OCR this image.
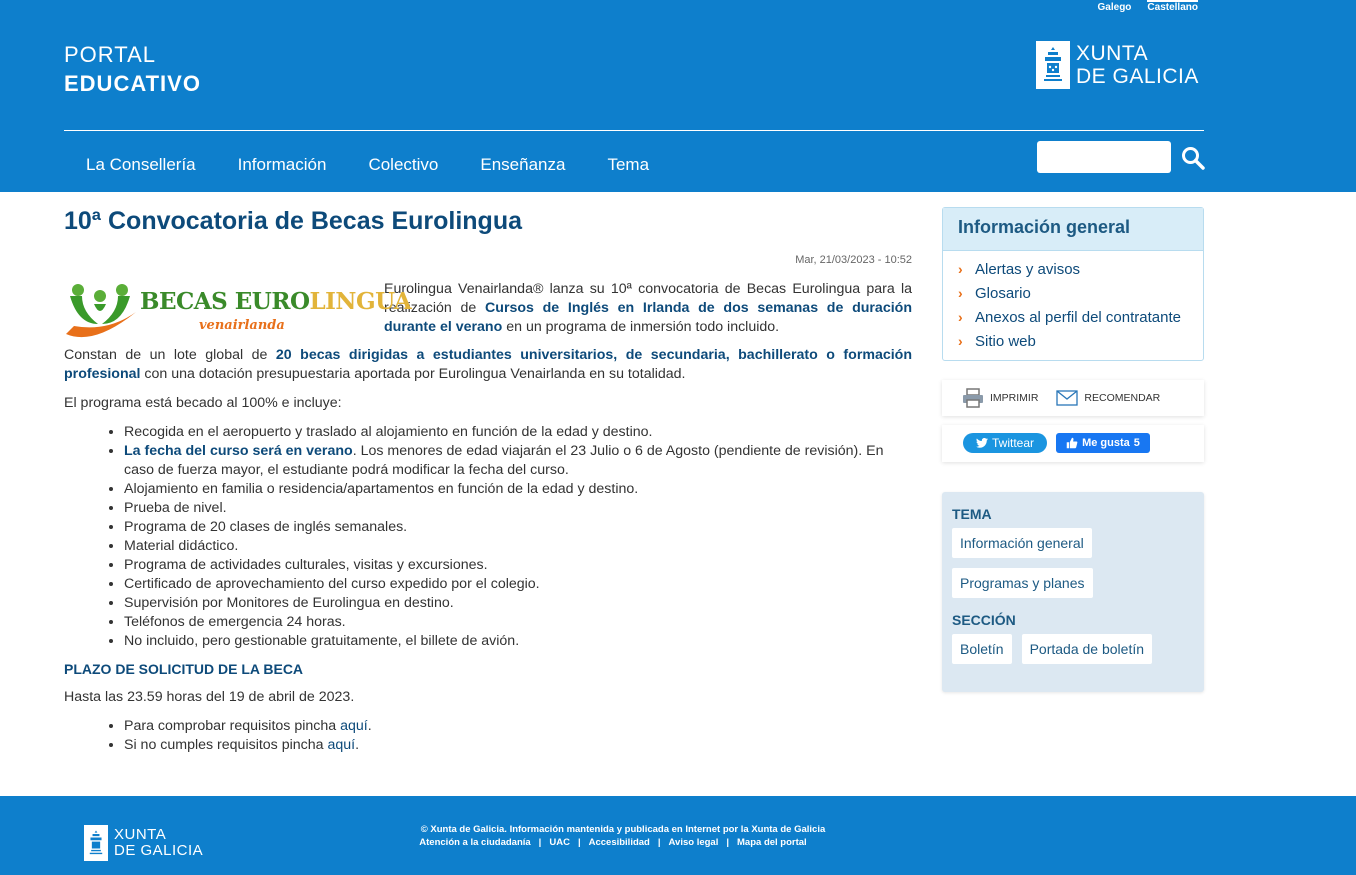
Galego Castellano
PORTAL
EDUCATIVO
XUNTA
DE GALICIA
La Consellería Información Colectivo Enseñanza Tema
10ª Convocatoria de Becas Eurolingua
Mar, 21/03/2023 - 10:52
BECAS EUROLINGUA
venairlanda

Eurolingua Venairlanda® lanza su 10ª convocatoria de Becas Eurolingua para la realización de Cursos de Inglés en Irlanda de dos semanas de duración durante el verano en un programa de inmersión todo incluido.

Constan de un lote global de 20 becas dirigidas a estudiantes universitarios, de secundaria, bachillerato o formación profesional con una dotación presupuestaria aportada por Eurolingua Venairlanda en su totalidad.

El programa está becado al 100% e incluye:

• Recogida en el aeropuerto y traslado al alojamiento en función de la edad y destino.
• La fecha del curso será en verano. Los menores de edad viajarán el 23 Julio o 6 de Agosto (pendiente de revisión). En caso de fuerza mayor, el estudiante podrá modificar la fecha del curso.
• Alojamiento en familia o residencia/apartamentos en función de la edad y destino.
• Prueba de nivel.
• Programa de 20 clases de inglés semanales.
• Material didáctico.
• Programa de actividades culturales, visitas y excursiones.
• Certificado de aprovechamiento del curso expedido por el colegio.
• Supervisión por Monitores de Eurolingua en destino.
• Teléfonos de emergencia 24 horas.
• No incluido, pero gestionable gratuitamente, el billete de avión.
PLAZO DE SOLICITUD DE LA BECA

Hasta las 23.59 horas del 19 de abril de 2023.

• Para comprobar requisitos pincha aquí.
• Si no cumples requisitos pincha aquí.
Información general
› Alertas y avisos
› Glosario
› Anexos al perfil del contratante
› Sitio web
IMPRIMIR	RECOMENDAR
Twittear	Me gusta 5
TEMA
Información general
Programas y planes
SECCIÓN
Boletín	Portada de boletín
XUNTA
DE GALICIA
© Xunta de Galicia. Información mantenida y publicada en Internet por la Xunta de Galicia
Atención a la ciudadanía | UAC | Accesibilidad | Aviso legal | Mapa del portal
